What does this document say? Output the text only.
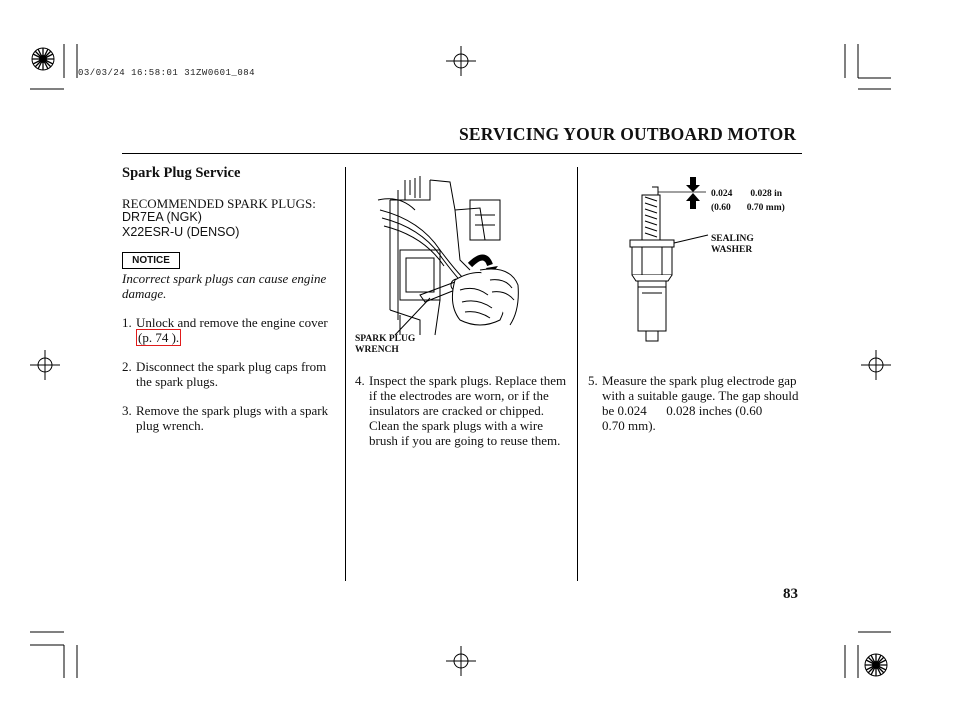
03/03/24 16:58:01 31ZW0601_084
SERVICING YOUR OUTBOARD MOTOR
Spark Plug Service
RECOMMENDED SPARK PLUGS:
DR7EA (NGK)
X22ESR-U (DENSO)
NOTICE
Incorrect spark plugs can cause engine damage.
1. Unlock and remove the engine cover (p. 74 ).
2. Disconnect the spark plug caps from the spark plugs.
3. Remove the spark plugs with a spark plug wrench.
SPARK PLUG
WRENCH
4. Inspect the spark plugs. Replace them if the electrodes are worn, or if the insulators are cracked or chipped. Clean the spark plugs with a wire brush if you are going to reuse them.
0.024 0.028 in
(0.60 0.70 mm)
SEALING
WASHER
5. Measure the spark plug electrode gap with a suitable gauge. The gap should be 0.024      0.028 inches (0.60      0.70 mm).
83
